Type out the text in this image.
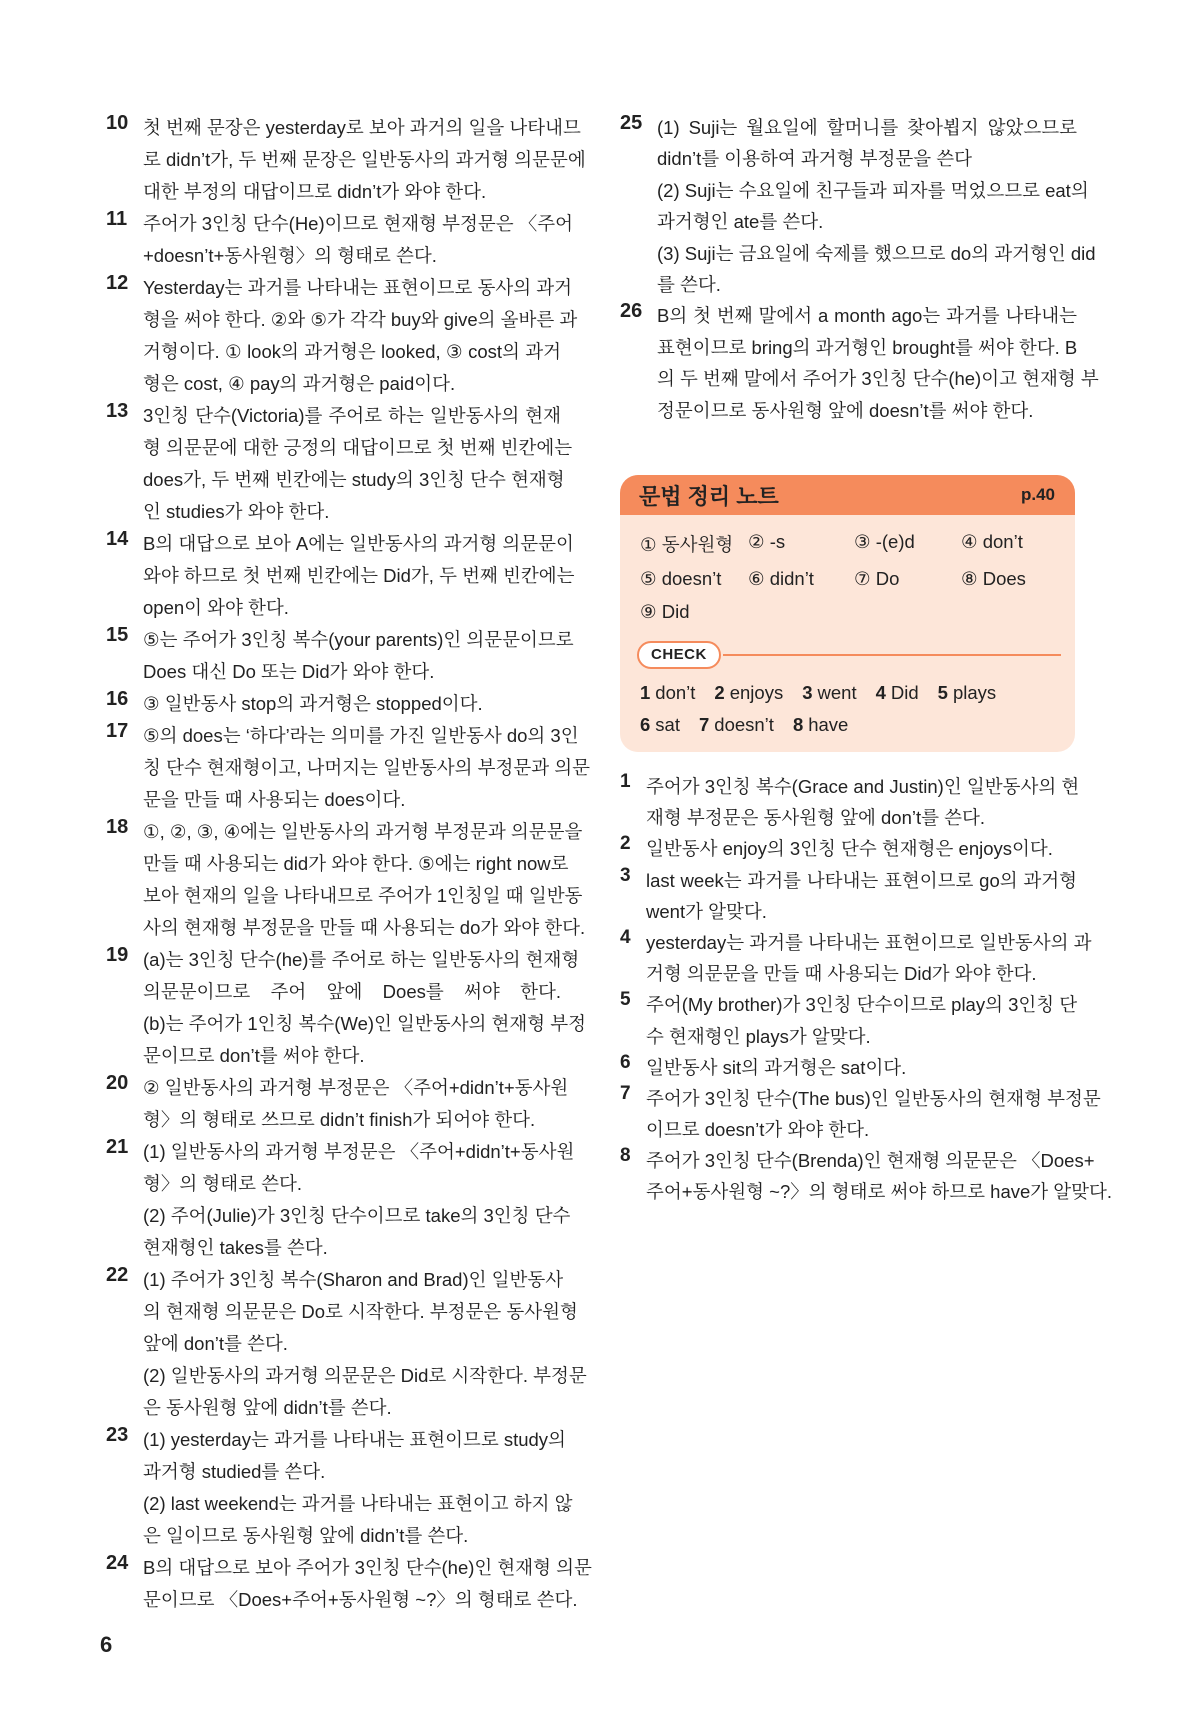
10 첫 번째 문장은 yesterday로 보아 과거의 일을 나타내므
로 didn’t가, 두 번째 문장은 일반동사의 과거형 의문문에
대한 부정의 대답이므로 didn’t가 와야 한다.
11 주어가 3인칭 단수(He)이므로 현재형 부정문은 〈주어
+doesn’t+동사원형〉의 형태로 쓴다.
12 Yesterday는 과거를 나타내는 표현이므로 동사의 과거
형을 써야 한다. ②와 ⑤가 각각 buy와 give의 올바른 과
거형이다. ① look의 과거형은 looked, ③ cost의 과거
형은 cost, ④ pay의 과거형은 paid이다.
13 3인칭 단수(Victoria)를 주어로 하는 일반동사의 현재
형 의문문에 대한 긍정의 대답이므로 첫 번째 빈칸에는
does가, 두 번째 빈칸에는 study의 3인칭 단수 현재형
인 studies가 와야 한다.
14 B의 대답으로 보아 A에는 일반동사의 과거형 의문문이
와야 하므로 첫 번째 빈칸에는 Did가, 두 번째 빈칸에는
open이 와야 한다.
15 ⑤는 주어가 3인칭 복수(your parents)인 의문문이므로
Does 대신 Do 또는 Did가 와야 한다.
16 ③ 일반동사 stop의 과거형은 stopped이다.
17 ⑤의 does는 ‘하다’라는 의미를 가진 일반동사 do의 3인
칭 단수 현재형이고, 나머지는 일반동사의 부정문과 의문
문을 만들 때 사용되는 does이다.
18 ①, ②, ③, ④에는 일반동사의 과거형 부정문과 의문문을
만들 때 사용되는 did가 와야 한다. ⑤에는 right now로
보아 현재의 일을 나타내므로 주어가 1인칭일 때 일반동
사의 현재형 부정문을 만들 때 사용되는 do가 와야 한다.
19 (a)는 3인칭 단수(he)를 주어로 하는 일반동사의 현재형
의문문이므로 주어 앞에 Does를 써야 한다.
(b)는 주어가 1인칭 복수(We)인 일반동사의 현재형 부정
문이므로 don’t를 써야 한다.
20 ② 일반동사의 과거형 부정문은 〈주어+didn’t+동사원
형〉의 형태로 쓰므로 didn’t finish가 되어야 한다.
21 (1) 일반동사의 과거형 부정문은 〈주어+didn’t+동사원
형〉의 형태로 쓴다.
(2) 주어(Julie)가 3인칭 단수이므로 take의 3인칭 단수
현재형인 takes를 쓴다.
22 (1) 주어가 3인칭 복수(Sharon and Brad)인 일반동사
의 현재형 의문문은 Do로 시작한다. 부정문은 동사원형
앞에 don’t를 쓴다.
(2) 일반동사의 과거형 의문문은 Did로 시작한다. 부정문
은 동사원형 앞에 didn’t를 쓴다.
23 (1) yesterday는 과거를 나타내는 표현이므로 study의
과거형 studied를 쓴다.
(2) last weekend는 과거를 나타내는 표현이고 하지 않
은 일이므로 동사원형 앞에 didn’t를 쓴다.
24 B의 대답으로 보아 주어가 3인칭 단수(he)인 현재형 의문
문이므로 〈Does+주어+동사원형 ~?〉의 형태로 쓴다.
25 (1) Suji는 월요일에 할머니를 찾아뵙지 않았으므로
didn’t를 이용하여 과거형 부정문을 쓴다
(2) Suji는 수요일에 친구들과 피자를 먹었으므로 eat의
과거형인 ate를 쓴다.
(3) Suji는 금요일에 숙제를 했으므로 do의 과거형인 did
를 쓴다.
26 B의 첫 번째 말에서 a month ago는 과거를 나타내는
표현이므로 bring의 과거형인 brought를 써야 한다. B
의 두 번째 말에서 주어가 3인칭 단수(he)이고 현재형 부
정문이므로 동사원형 앞에 doesn’t를 써야 한다.
문법 정리 노트	p.40
① 동사원형 ② -s	③ -(e)d	④ don’t
⑤ doesn’t	⑥ didn’t	⑦ Do	⑧ Does
⑨ Did
CHECK
1 don’t 2 enjoys 3 went 4 Did 5 plays
6 sat 7 doesn’t 8 have
1 주어가 3인칭 복수(Grace and Justin)인 일반동사의 현
재형 부정문은 동사원형 앞에 don’t를 쓴다.
2 일반동사 enjoy의 3인칭 단수 현재형은 enjoys이다.
3 last week는 과거를 나타내는 표현이므로 go의 과거형
went가 알맞다.
4 yesterday는 과거를 나타내는 표현이므로 일반동사의 과
거형 의문문을 만들 때 사용되는 Did가 와야 한다.
5 주어(My brother)가 3인칭 단수이므로 play의 3인칭 단
수 현재형인 plays가 알맞다.
6 일반동사 sit의 과거형은 sat이다.
7 주어가 3인칭 단수(The bus)인 일반동사의 현재형 부정문
이므로 doesn’t가 와야 한다.
8 주어가 3인칭 단수(Brenda)인 현재형 의문문은 〈Does+
주어+동사원형 ~?〉의 형태로 써야 하므로 have가 알맞다.
6
